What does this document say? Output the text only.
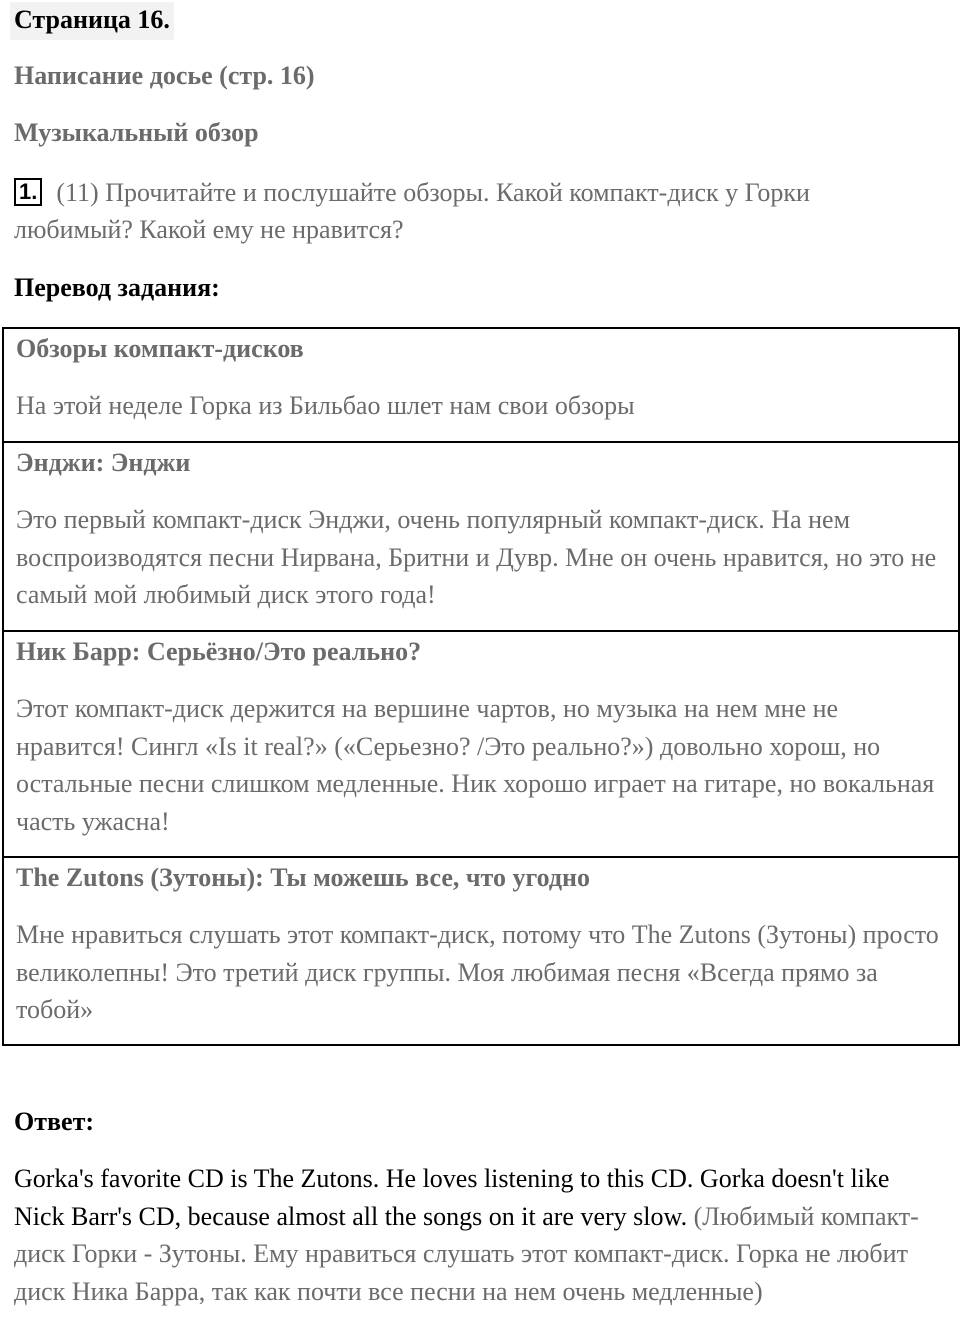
Страница 16.
Написание досье (стр. 16)
Музыкальный обзор
1. (11) Прочитайте и послушайте обзоры. Какой компакт-диск у Горки
любимый? Какой ему не нравится?
Перевод задания:
Обзоры компакт-дисков
На этой неделе Горка из Бильбао шлет нам свои обзоры
Энджи: Энджи
Это первый компакт-диск Энджи, очень популярный компакт-диск. На нем воспроизводятся песни Нирвана, Бритни и Дувр. Мне он очень нравится, но это не самый мой любимый диск этого года!
Ник Барр: Серьёзно/Это реально?
Этот компакт-диск держится на вершине чартов, но музыка на нем мне не нравится! Сингл «Is it real?» («Серьезно? /Это реально?») довольно хорош, но остальные песни слишком медленные. Ник хорошо играет на гитаре, но вокальная часть ужасна!
The Zutons (Зутоны): Ты можешь все, что угодно
Мне нравиться слушать этот компакт-диск, потому что The Zutons (Зутоны) просто великолепны! Это третий диск группы. Моя любимая песня «Всегда прямо за тобой»
Ответ:
Gorka's favorite CD is The Zutons. He loves listening to this CD. Gorka doesn't like Nick Barr's CD, because almost all the songs on it are very slow. (Любимый компакт-диск Горки - Зутоны. Ему нравиться слушать этот компакт-диск. Горка не любит диск Ника Барра, так как почти все песни на нем очень медленные)
